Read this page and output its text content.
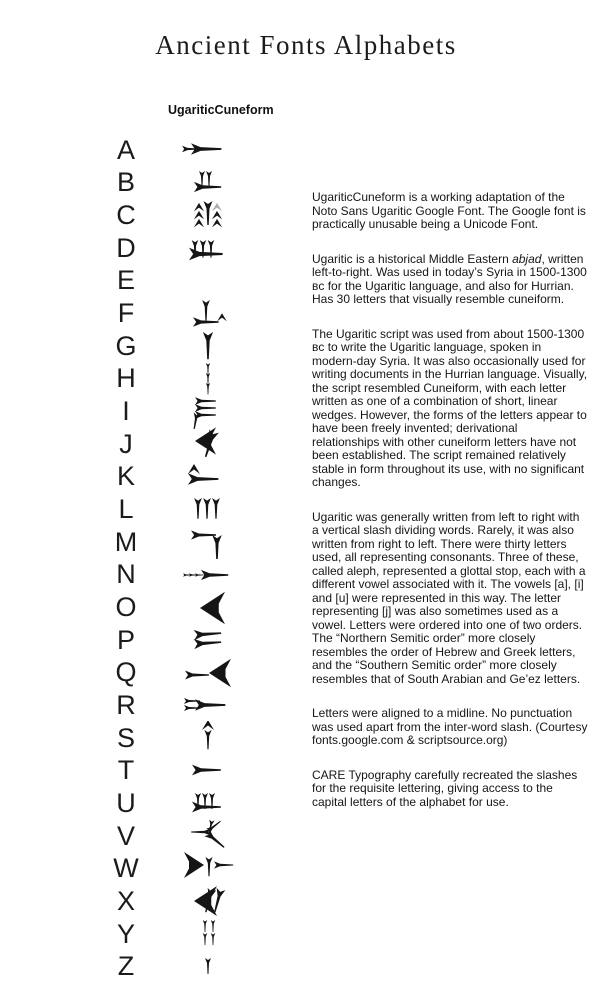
Ancient Fonts Alphabets
UgariticCuneform
A
B
C
D
E
F
G
H
I
J
K
L
M
N
O
P
Q
R
S
T
U
V
W
X
Y
Z

UgariticCuneform is a working adaptation of the Noto Sans Ugaritic Google Font. The Google font is practically unusable being a Unicode Font.

Ugaritic is a historical Middle Eastern abjad, written left-to-right. Was used in today’s Syria in 1500-1300 ʙᴄ for the Ugaritic language, and also for Hurrian. Has 30 letters that visually resemble cuneiform.

The Ugaritic script was used from about 1500-1300 ʙᴄ to write the Ugaritic language, spoken in modern-day Syria. It was also occasionally used for writing documents in the Hurrian language. Visually, the script resembled Cuneiform, with each letter written as one of a combination of short, linear wedges. However, the forms of the letters appear to have been freely invented; derivational relationships with other cuneiform letters have not been established. The script remained relatively stable in form throughout its use, with no significant changes.

Ugaritic was generally written from left to right with a vertical slash dividing words. Rarely, it was also written from right to left. There were thirty letters used, all representing consonants. Three of these, called aleph, represented a glottal stop, each with a different vowel associated with it. The vowels [a], [i] and [u] were represented in this way. The letter representing [j] was also sometimes used as a vowel. Letters were ordered into one of two orders. The “Northern Semitic order” more closely resembles the order of Hebrew and Greek letters, and the “Southern Semitic order” more closely resembles that of South Arabian and Ge’ez letters.

Letters were aligned to a midline. No punctuation was used apart from the inter-word slash. (Courtesy fonts.google.com & scriptsource.org)

CARE Typography carefully recreated the slashes for the requisite lettering, giving access to the capital letters of the alphabet for use.
